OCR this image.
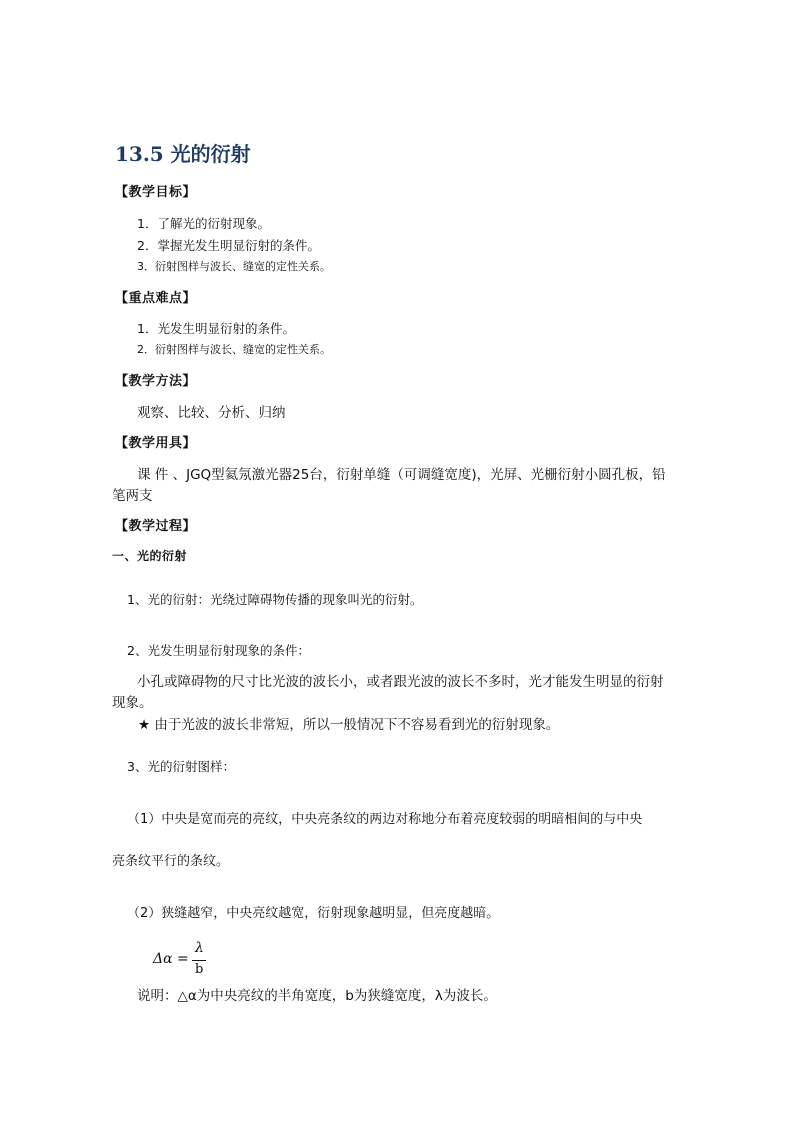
13.5 光的衍射
【教学目标】
1．了解光的衍射现象。
2．掌握光发生明显衍射的条件。
3．衍射图样与波长、缝宽的定性关系。
【重点难点】
1．光发生明显衍射的条件。
2．衍射图样与波长、缝宽的定性关系。
【教学方法】
观察、比较、分析、归纳
【教学用具】
课 件 、JGQ型氦氖激光器25台，衍射单缝（可调缝宽度)，光屏、光栅衍射小圆孔板，铅
笔两支
【教学过程】
一、光的衍射
1、光的衍射：光绕过障碍物传播的现象叫光的衍射。
2、光发生明显衍射现象的条件：
小孔或障碍物的尺寸比光波的波长小，或者跟光波的波长不多时，光才能发生明显的衍射
现象。
★ 由于光波的波长非常短，所以一般情况下不容易看到光的衍射现象。
3、光的衍射图样：
（1）中央是宽而亮的亮纹，中央亮条纹的两边对称地分布着亮度较弱的明暗相间的与中央
亮条纹平行的条纹。
（2）狭缝越窄，中央亮纹越宽，衍射现象越明显，但亮度越暗。
Δα =
λ
b
说明：△α为中央亮纹的半角宽度，b为狭缝宽度，λ为波长。
